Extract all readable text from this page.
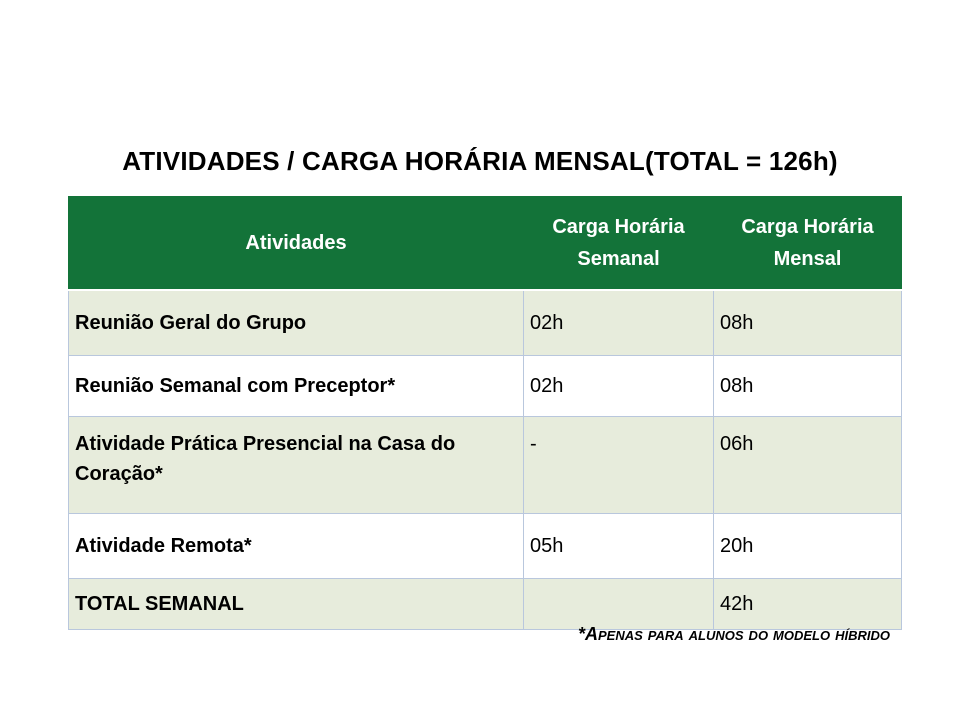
ATIVIDADES / CARGA HORÁRIA MENSAL(TOTAL = 126h)
Atividades	Carga Horária Semanal	Carga Horária Mensal
Reunião Geral do Grupo	02h	08h
Reunião Semanal com Preceptor*	02h	08h
Atividade Prática Presencial na Casa do Coração*	-	06h
Atividade Remota*	05h	20h
TOTAL SEMANAL		42h
*Apenas para alunos do modelo híbrido
